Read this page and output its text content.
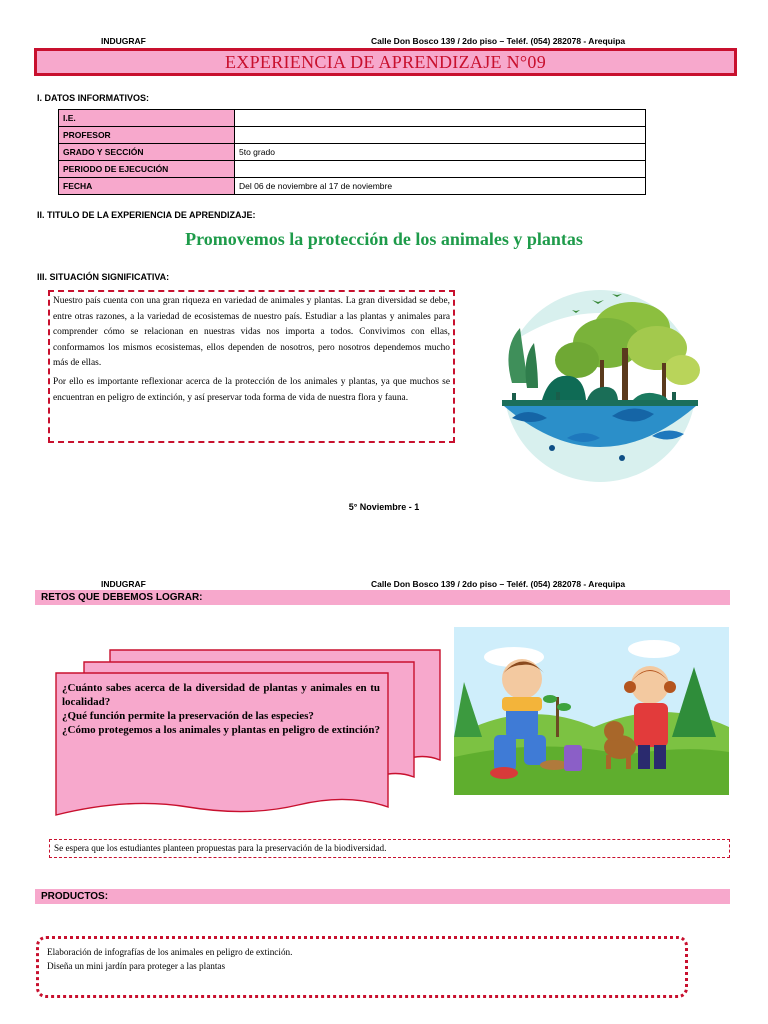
INDUGRAF	Calle Don Bosco 139 / 2do piso – Teléf. (054) 282078 - Arequipa
EXPERIENCIA DE APRENDIZAJE N°09
I. DATOS INFORMATIVOS:
I.E.	
PROFESOR	
GRADO Y SECCIÓN	5to grado
PERIODO DE EJECUCIÓN	
FECHA	Del 06 de noviembre al 17 de noviembre
II. TITULO DE LA EXPERIENCIA DE APRENDIZAJE:
Promovemos la protección de los animales y plantas
III. SITUACIÓN SIGNIFICATIVA:

Nuestro país cuenta con una gran riqueza en variedad de animales y plantas. La gran diversidad se debe, entre otras razones, a la variedad de ecosistemas de nuestro país. Estudiar a las plantas y animales para comprender cómo se relacionan en nuestras vidas nos importa a todos. Convivimos con ellas, conformamos los mismos ecosistemas, ellos dependen de nosotros, pero nosotros dependemos mucho más de ellas.

Por ello es importante reflexionar acerca de la protección de los animales y plantas, ya que muchos se encuentran en peligro de extinción, y así preservar toda forma de vida de nuestra flora y fauna.

5° Noviembre - 1
INDUGRAF	Calle Don Bosco 139 / 2do piso – Teléf. (054) 282078 - Arequipa
RETOS QUE DEBEMOS LOGRAR:
¿Cuánto sabes acerca de la diversidad de plantas y animales en tu localidad?
¿Qué función permite la preservación de las especies?
¿Cómo protegemos a los animales y plantas en peligro de extinción?
Se espera que los estudiantes planteen propuestas para la preservación de la biodiversidad.
PRODUCTOS:
Elaboración de infografías de los animales en peligro de extinción.
Diseña un mini jardín para proteger a las plantas
